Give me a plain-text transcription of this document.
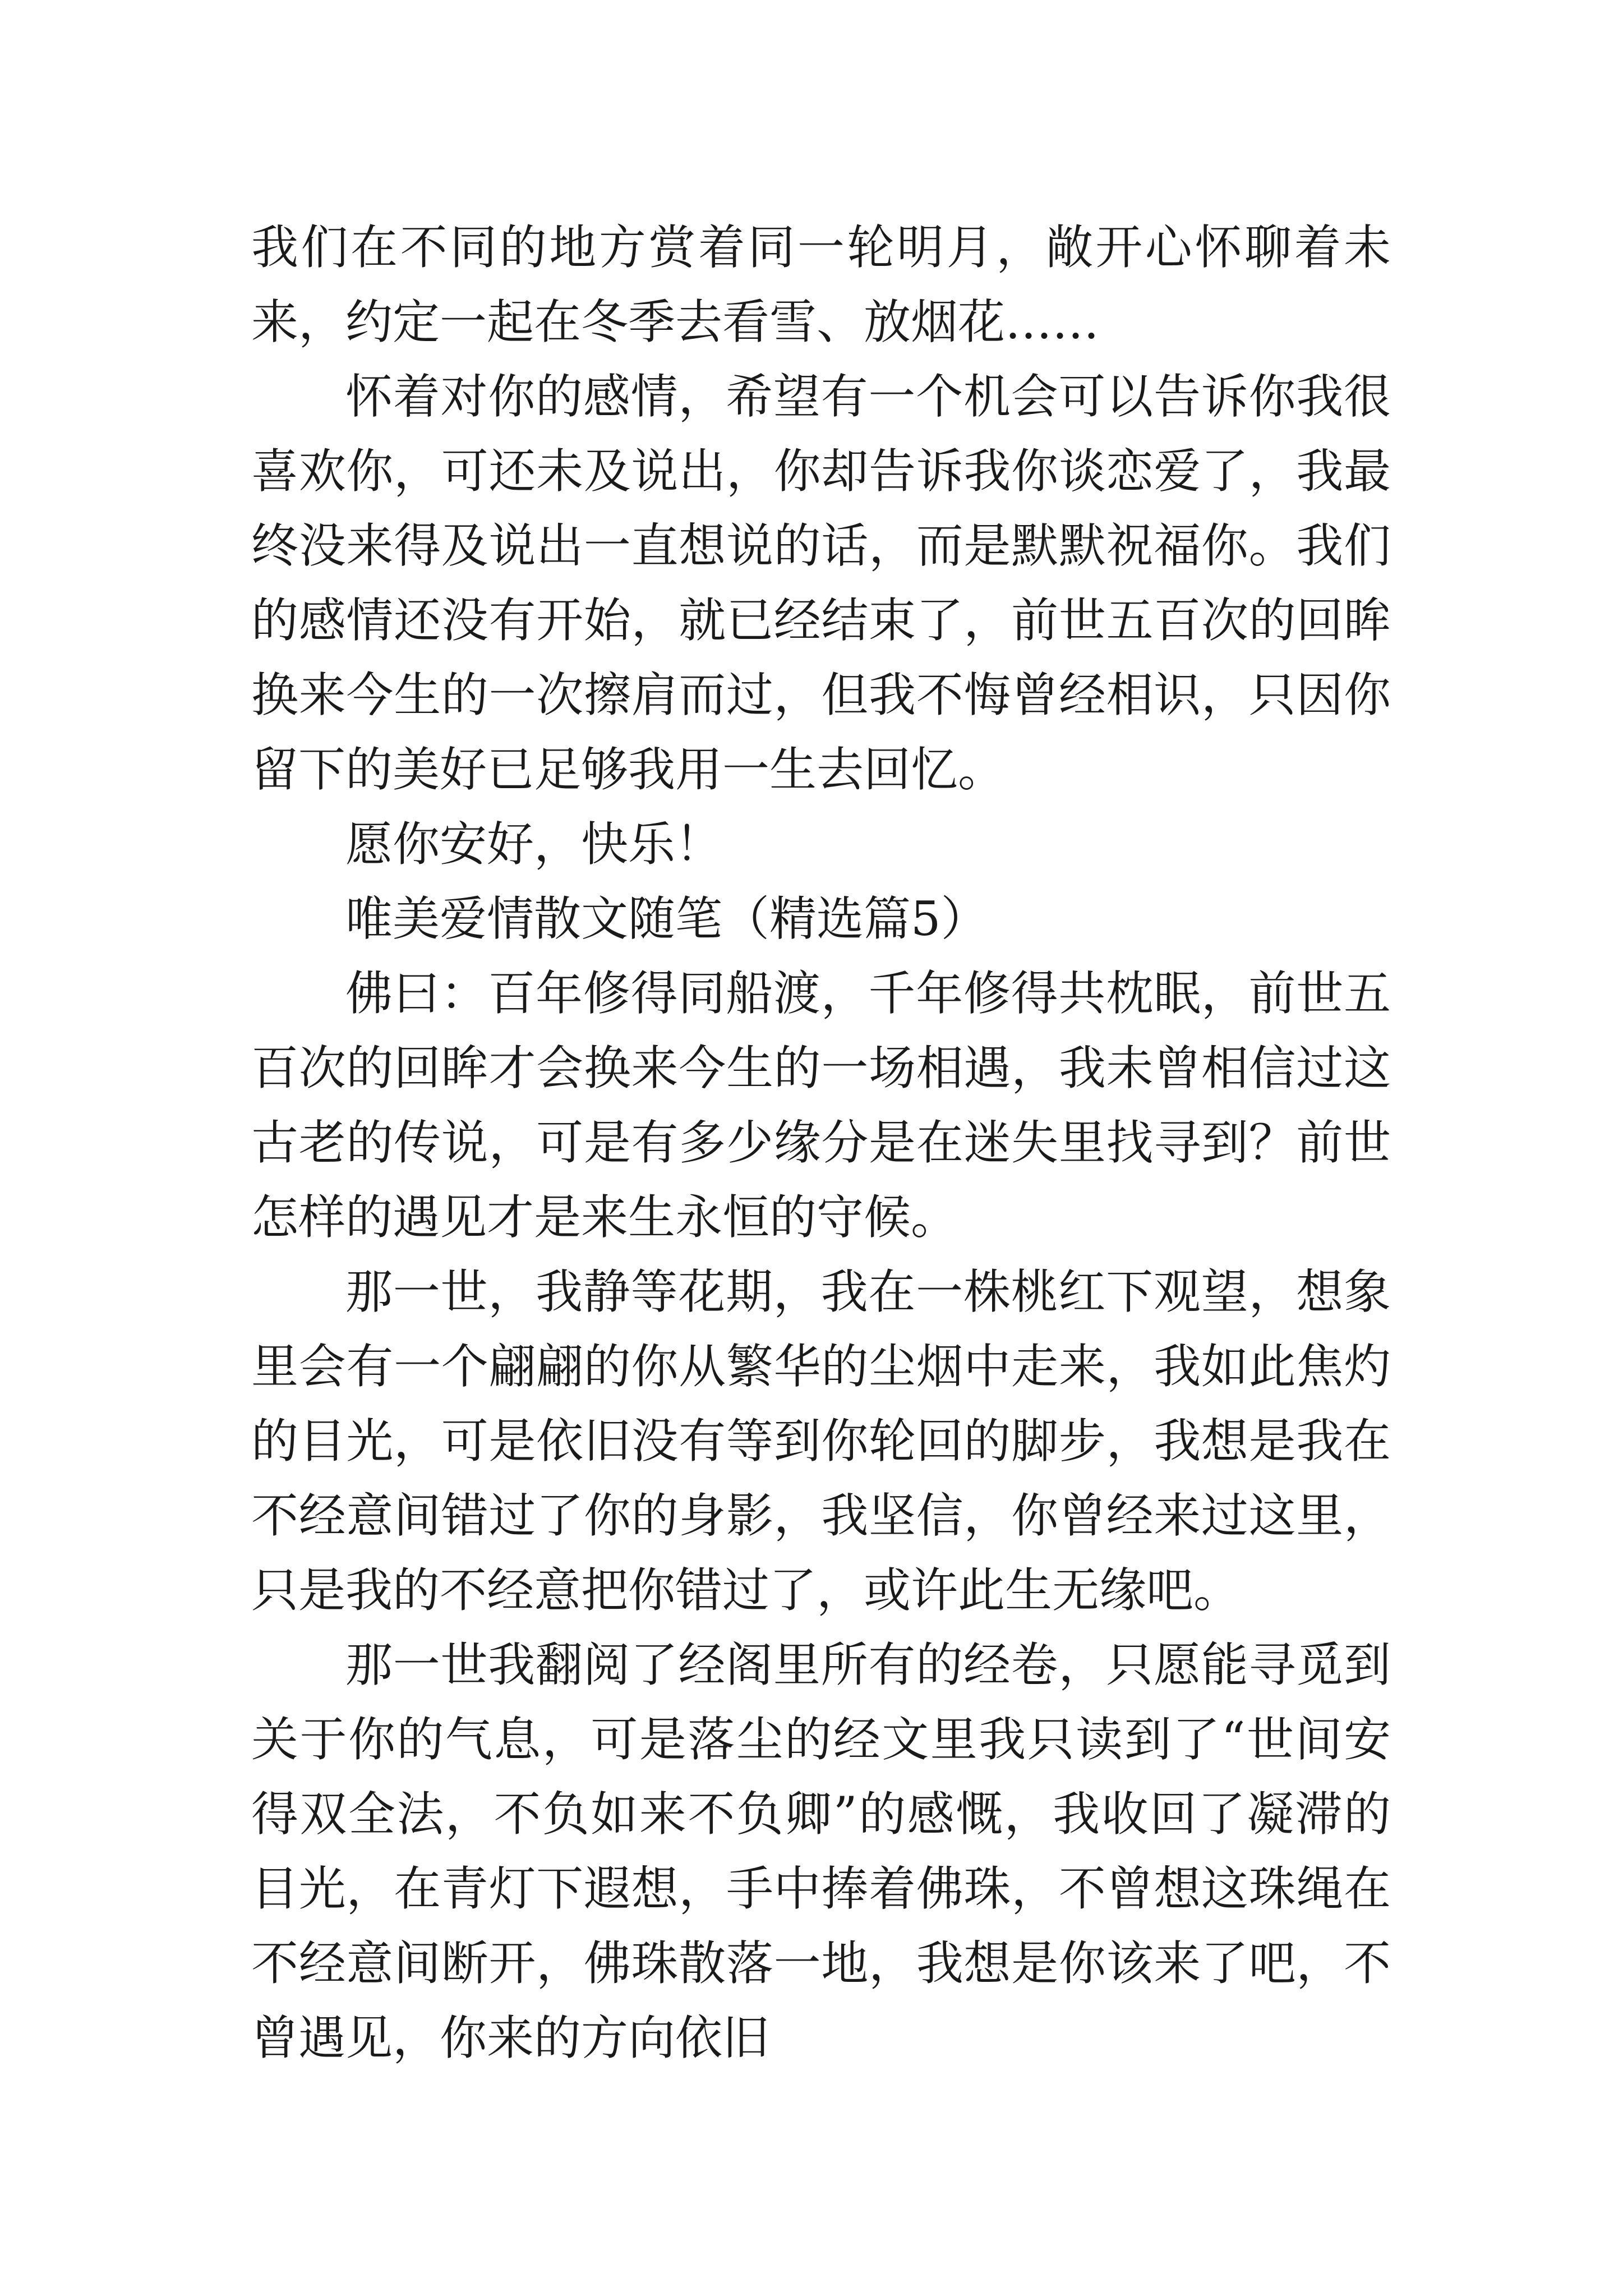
我们在不同的地方赏着同一轮明月，敞开心怀聊着未来，约定一起在冬季去看雪、放烟花……

怀着对你的感情，希望有一个机会可以告诉你我很喜欢你，可还未及说出，你却告诉我你谈恋爱了，我最终没来得及说出一直想说的话，而是默默祝福你。我们的感情还没有开始，就已经结束了，前世五百次的回眸换来今生的一次擦肩而过，但我不悔曾经相识，只因你留下的美好已足够我用一生去回忆。

愿你安好，快乐！

唯美爱情散文随笔（精选篇5）

佛曰：百年修得同船渡，千年修得共枕眠，前世五百次的回眸才会换来今生的一场相遇，我未曾相信过这古老的传说，可是有多少缘分是在迷失里找寻到？前世怎样的遇见才是来生永恒的守候。

那一世，我静等花期，我在一株桃红下观望，想象里会有一个翩翩的你从繁华的尘烟中走来，我如此焦灼的目光，可是依旧没有等到你轮回的脚步，我想是我在不经意间错过了你的身影，我坚信，你曾经来过这里，只是我的不经意把你错过了，或许此生无缘吧。

那一世我翻阅了经阁里所有的经卷，只愿能寻觅到关于你的气息，可是落尘的经文里我只读到了“世间安得双全法，不负如来不负卿”的感慨，我收回了凝滞的目光，在青灯下遐想，手中捧着佛珠，不曾想这珠绳在不经意间断开，佛珠散落一地，我想是你该来了吧，不曾遇见，你来的方向依旧
